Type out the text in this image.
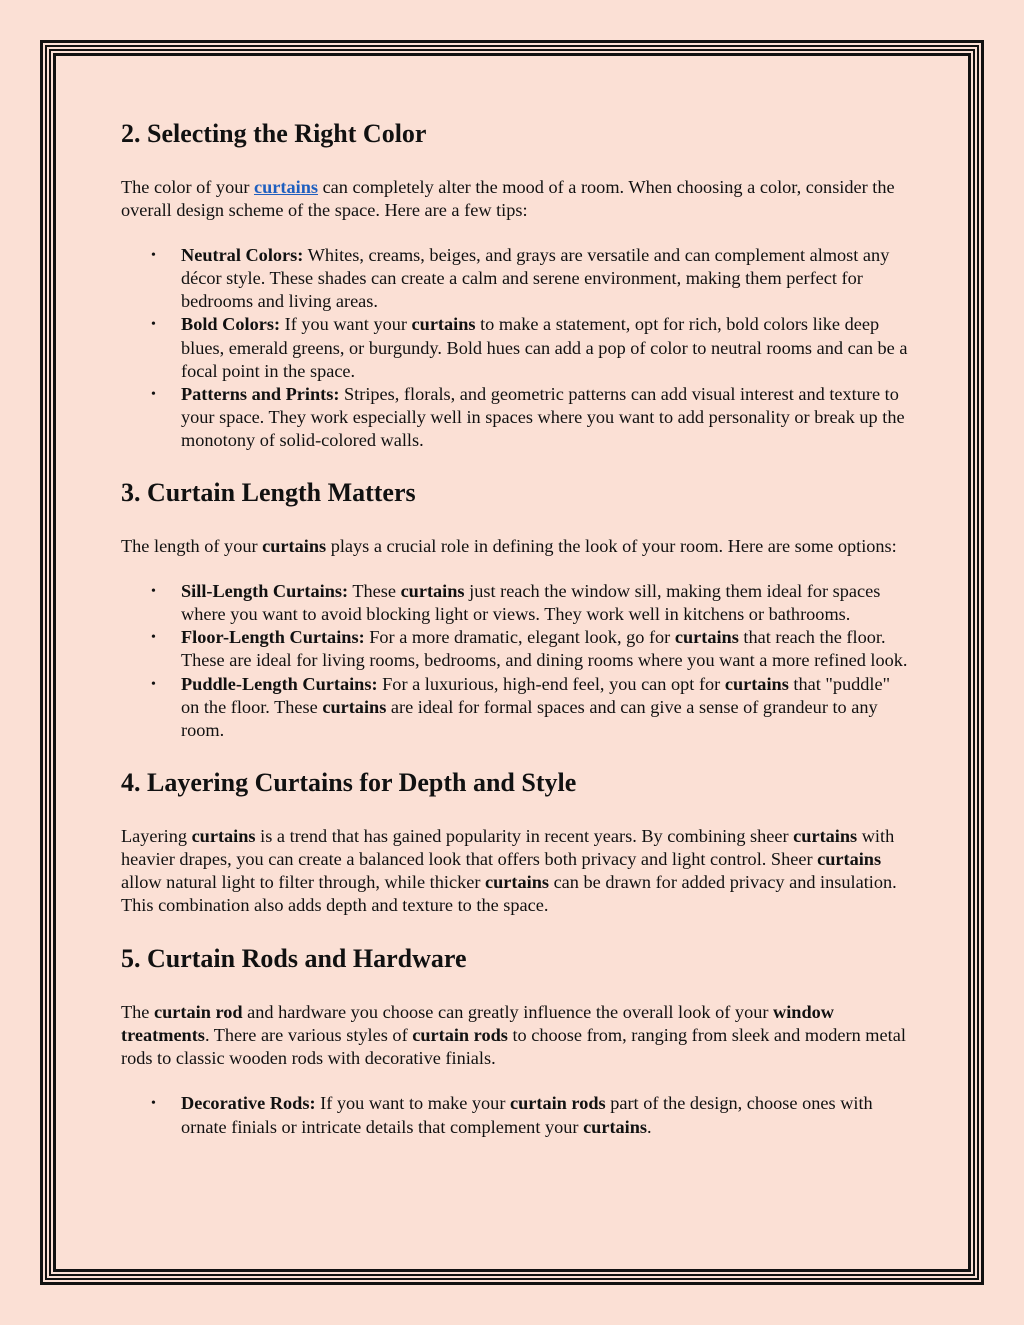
2. Selecting the Right Color

The color of your curtains can completely alter the mood of a room. When choosing a color, consider the overall design scheme of the space. Here are a few tips:

• Neutral Colors: Whites, creams, beiges, and grays are versatile and can complement almost any décor style. These shades can create a calm and serene environment, making them perfect for bedrooms and living areas.
• Bold Colors: If you want your curtains to make a statement, opt for rich, bold colors like deep blues, emerald greens, or burgundy. Bold hues can add a pop of color to neutral rooms and can be a focal point in the space.
• Patterns and Prints: Stripes, florals, and geometric patterns can add visual interest and texture to your space. They work especially well in spaces where you want to add personality or break up the monotony of solid-colored walls.
3. Curtain Length Matters

The length of your curtains plays a crucial role in defining the look of your room. Here are some options:

• Sill-Length Curtains: These curtains just reach the window sill, making them ideal for spaces where you want to avoid blocking light or views. They work well in kitchens or bathrooms.
• Floor-Length Curtains: For a more dramatic, elegant look, go for curtains that reach the floor. These are ideal for living rooms, bedrooms, and dining rooms where you want a more refined look.
• Puddle-Length Curtains: For a luxurious, high-end feel, you can opt for curtains that "puddle" on the floor. These curtains are ideal for formal spaces and can give a sense of grandeur to any room.
4. Layering Curtains for Depth and Style

Layering curtains is a trend that has gained popularity in recent years. By combining sheer curtains with heavier drapes, you can create a balanced look that offers both privacy and light control. Sheer curtains allow natural light to filter through, while thicker curtains can be drawn for added privacy and insulation. This combination also adds depth and texture to the space.

5. Curtain Rods and Hardware

The curtain rod and hardware you choose can greatly influence the overall look of your window treatments. There are various styles of curtain rods to choose from, ranging from sleek and modern metal rods to classic wooden rods with decorative finials.

• Decorative Rods: If you want to make your curtain rods part of the design, choose ones with ornate finials or intricate details that complement your curtains.
